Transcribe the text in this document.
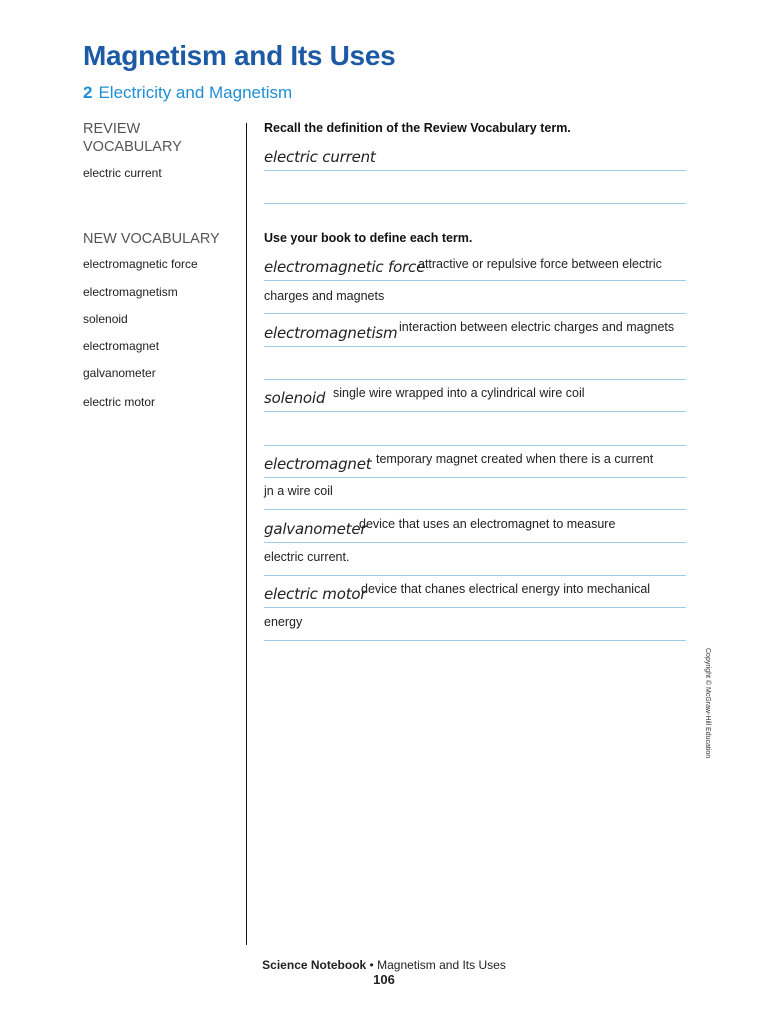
Magnetism and Its Uses
2 Electricity and Magnetism
REVIEW
VOCABULARY
electric current
NEW VOCABULARY
electromagnetic force
electromagnetism
solenoid
electromagnet
galvanometer
electric motor
Recall the definition of the Review Vocabulary term.
electric current
Use your book to define each term.
electromagnetic force
attractive or repulsive force between electric
charges and magnets
electromagnetism interaction between electric charges and magnets
solenoid single wire wrapped into a cylindrical wire coil
electromagnet temporary magnet created when there is a current
jn a wire coil
galvanometer
device that uses an electromagnet to measure
electric current.
electric motor
device that chanes electrical energy into mechanical
energy
Copyright © McGraw-Hill Education
Science Notebook • Magnetism and Its Uses
106
